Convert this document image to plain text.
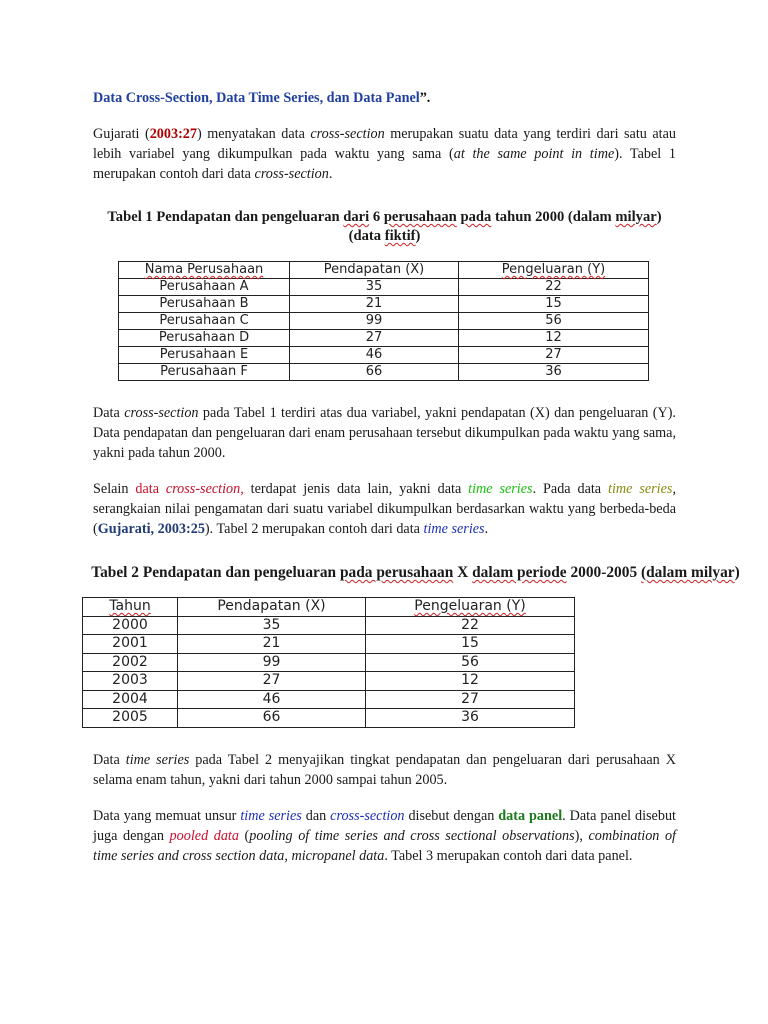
Data Cross-Section, Data Time Series, dan Data Panel”.

Gujarati (2003:27) menyatakan data cross-section merupakan suatu data yang terdiri dari satu atau lebih variabel yang dikumpulkan pada waktu yang sama (at the same point in time). Tabel 1 merupakan contoh dari data cross-section.

Tabel 1 Pendapatan dan pengeluaran dari 6 perusahaan pada tahun 2000 (dalam milyar) (data fiktif)

Nama Perusahaan	Pendapatan (X)	Pengeluaran (Y)
Perusahaan A	35	22
Perusahaan B	21	15
Perusahaan C	99	56
Perusahaan D	27	12
Perusahaan E	46	27
Perusahaan F	66	36

Data cross-section pada Tabel 1 terdiri atas dua variabel, yakni pendapatan (X) dan pengeluaran (Y). Data pendapatan dan pengeluaran dari enam perusahaan tersebut dikumpulkan pada waktu yang sama, yakni pada tahun 2000.

Selain data cross-section, terdapat jenis data lain, yakni data time series. Pada data time series, serangkaian nilai pengamatan dari suatu variabel dikumpulkan berdasarkan waktu yang berbeda-beda (Gujarati, 2003:25). Tabel 2 merupakan contoh dari data time series.

Tabel 2 Pendapatan dan pengeluaran pada perusahaan X dalam periode 2000-2005 (dalam milyar)

Tahun	Pendapatan (X)	Pengeluaran (Y)
2000	35	22
2001	21	15
2002	99	56
2003	27	12
2004	46	27
2005	66	36

Data time series pada Tabel 2 menyajikan tingkat pendapatan dan pengeluaran dari perusahaan X selama enam tahun, yakni dari tahun 2000 sampai tahun 2005.

Data yang memuat unsur time series dan cross-section disebut dengan data panel. Data panel disebut juga dengan pooled data (pooling of time series and cross sectional observations), combination of time series and cross section data, micropanel data. Tabel 3 merupakan contoh dari data panel.
